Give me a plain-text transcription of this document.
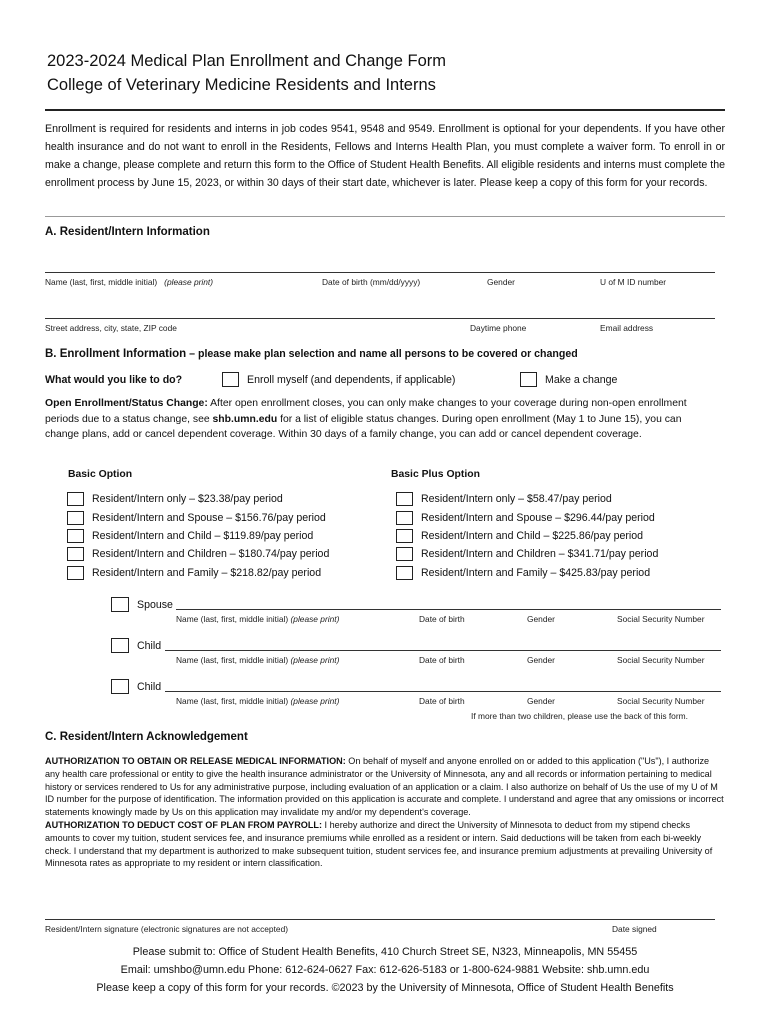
2023-2024 Medical Plan Enrollment and Change Form
College of Veterinary Medicine Residents and Interns
Enrollment is required for residents and interns in job codes 9541, 9548 and 9549. Enrollment is optional for your dependents. If you have other health insurance and do not want to enroll in the Residents, Fellows and Interns Health Plan, you must complete a waiver form. To enroll in or make a change, please complete and return this form to the Office of Student Health Benefits. All eligible residents and interns must complete the enrollment process by June 15, 2023, or within 30 days of their start date, whichever is later. Please keep a copy of this form for your records.
A. Resident/Intern Information
Name (last, first, middle initial) (please print)	Date of birth (mm/dd/yyyy)	Gender	U of M ID number
Street address, city, state, ZIP code	Daytime phone	Email address
B. Enrollment Information – please make plan selection and name all persons to be covered or changed
What would you like to do?	Enroll myself (and dependents, if applicable)	Make a change
Open Enrollment/Status Change: After open enrollment closes, you can only make changes to your coverage during non-open enrollment periods due to a status change, see shb.umn.edu for a list of eligible status changes. During open enrollment (May 1 to June 15), you can change plans, add or cancel dependent coverage. Within 30 days of a family change, you can add or cancel dependent coverage.
Basic Option	Basic Plus Option
Resident/Intern only – $23.38/pay period
Resident/Intern and Spouse – $156.76/pay period
Resident/Intern and Child – $119.89/pay period
Resident/Intern and Children – $180.74/pay period
Resident/Intern and Family – $218.82/pay period
Resident/Intern only – $58.47/pay period
Resident/Intern and Spouse – $296.44/pay period
Resident/Intern and Child – $225.86/pay period
Resident/Intern and Children – $341.71/pay period
Resident/Intern and Family – $425.83/pay period
Spouse
Name (last, first, middle initial) (please print)	Date of birth	Gender	Social Security Number
Child
Name (last, first, middle initial) (please print)	Date of birth	Gender	Social Security Number
Child
Name (last, first, middle initial) (please print)	Date of birth	Gender	Social Security Number
If more than two children, please use the back of this form.
C. Resident/Intern Acknowledgement
AUTHORIZATION TO OBTAIN OR RELEASE MEDICAL INFORMATION: On behalf of myself and anyone enrolled on or added to this application ("Us"), I authorize any health care professional or entity to give the health insurance administrator or the University of Minnesota, any and all records or information pertaining to medical history or services rendered to Us for any administrative purpose, including evaluation of an application or a claim. I also authorize on behalf of Us the use of my U of M ID number for the purpose of identification. The information provided on this application is accurate and complete. I understand and agree that any omissions or incorrect statements knowingly made by Us on this application may invalidate my and/or my dependent's coverage.
AUTHORIZATION TO DEDUCT COST OF PLAN FROM PAYROLL: I hereby authorize and direct the University of Minnesota to deduct from my stipend checks amounts to cover my tuition, student services fee, and insurance premiums while enrolled as a resident or intern. Said deductions will be taken from each bi-weekly check. I understand that my department is authorized to make subsequent tuition, student services fee, and insurance premium adjustments at prevailing University of Minnesota rates as appropriate to my resident or intern classification.
Resident/Intern signature (electronic signatures are not accepted)	Date signed
Please submit to: Office of Student Health Benefits, 410 Church Street SE, N323, Minneapolis, MN 55455
Email: umshbo@umn.edu Phone: 612-624-0627 Fax: 612-626-5183 or 1-800-624-9881 Website: shb.umn.edu
Please keep a copy of this form for your records. ©2023 by the University of Minnesota, Office of Student Health Benefits
